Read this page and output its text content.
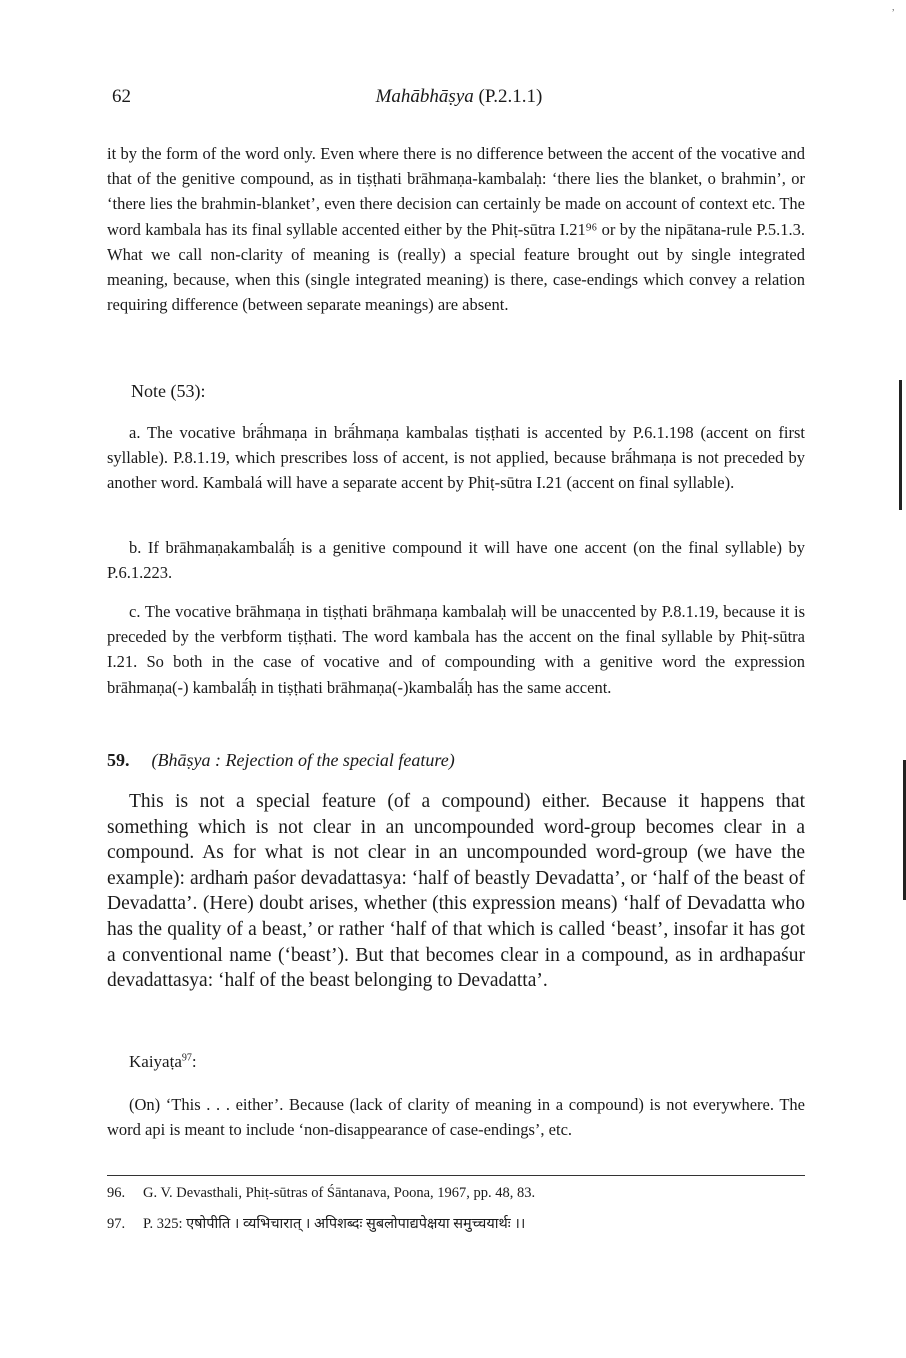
,
62	Mahābhāṣya (P.2.1.1)

it by the form of the word only. Even where there is no difference between the accent of the vocative and that of the genitive compound, as in tiṣṭhati brāhmaṇa-kambalaḥ: ‘there lies the blanket, o brahmin’, or ‘there lies the brahmin-blanket’, even there decision can certainly be made on account of context etc. The word kambala has its final syllable accented either by the Phiṭ-sūtra I.21⁹⁶ or by the nipātana-rule P.5.1.3. What we call non-clarity of meaning is (really) a special feature brought out by single integrated meaning, because, when this (single integrated meaning) is there, case-endings which convey a relation requiring difference (between separate meanings) are absent.

Note (53):

a. The vocative brā́hmaṇa in brā́hmaṇa kambalas tiṣṭhati is accented by P.6.1.198 (accent on first syllable). P.8.1.19, which prescribes loss of accent, is not applied, because brā́hmaṇa is not preceded by another word. Kambalá will have a separate accent by Phiṭ-sūtra I.21 (accent on final syllable).

b. If brāhmaṇakambalā́ḥ is a genitive compound it will have one accent (on the final syllable) by P.6.1.223.

c. The vocative brāhmaṇa in tiṣṭhati brāhmaṇa kambalaḥ will be unaccented by P.8.1.19, because it is preceded by the verbform tiṣṭhati. The word kambala has the accent on the final syllable by Phiṭ-sūtra I.21. So both in the case of vocative and of compounding with a genitive word the expression brāhmaṇa(-) kambalā́ḥ in tiṣṭhati brāhmaṇa(-)kambalā́ḥ has the same accent.

59. (Bhāṣya : Rejection of the special feature)

This is not a special feature (of a compound) either. Because it happens that something which is not clear in an uncompounded word-group becomes clear in a compound. As for what is not clear in an uncompounded word-group (we have the example): ardhaṁ paśor devadattasya: ‘half of beastly Devadatta’, or ‘half of the beast of Devadatta’. (Here) doubt arises, whether (this expression means) ‘half of Devadatta who has the quality of a beast,’ or rather ‘half of that which is called ‘beast’, insofar it has got a conventional name (‘beast’). But that becomes clear in a compound, as in ardhapaśur devadattasya: ‘half of the beast belonging to Devadatta’.

Kaiyaṭa$^{97}$:

(On) ‘This . . . either’. Because (lack of clarity of meaning in a compound) is not everywhere. The word api is meant to include ‘non-disappearance of case-endings’, etc.

96. G. V. Devasthali, Phiṭ-sūtras of Śāntanava, Poona, 1967, pp. 48, 83.
97. P. 325: एषोपीति । व्यभिचारात् । अपिशब्दः सुबलोपाद्यपेक्षया समुच्चयार्थः ।।
